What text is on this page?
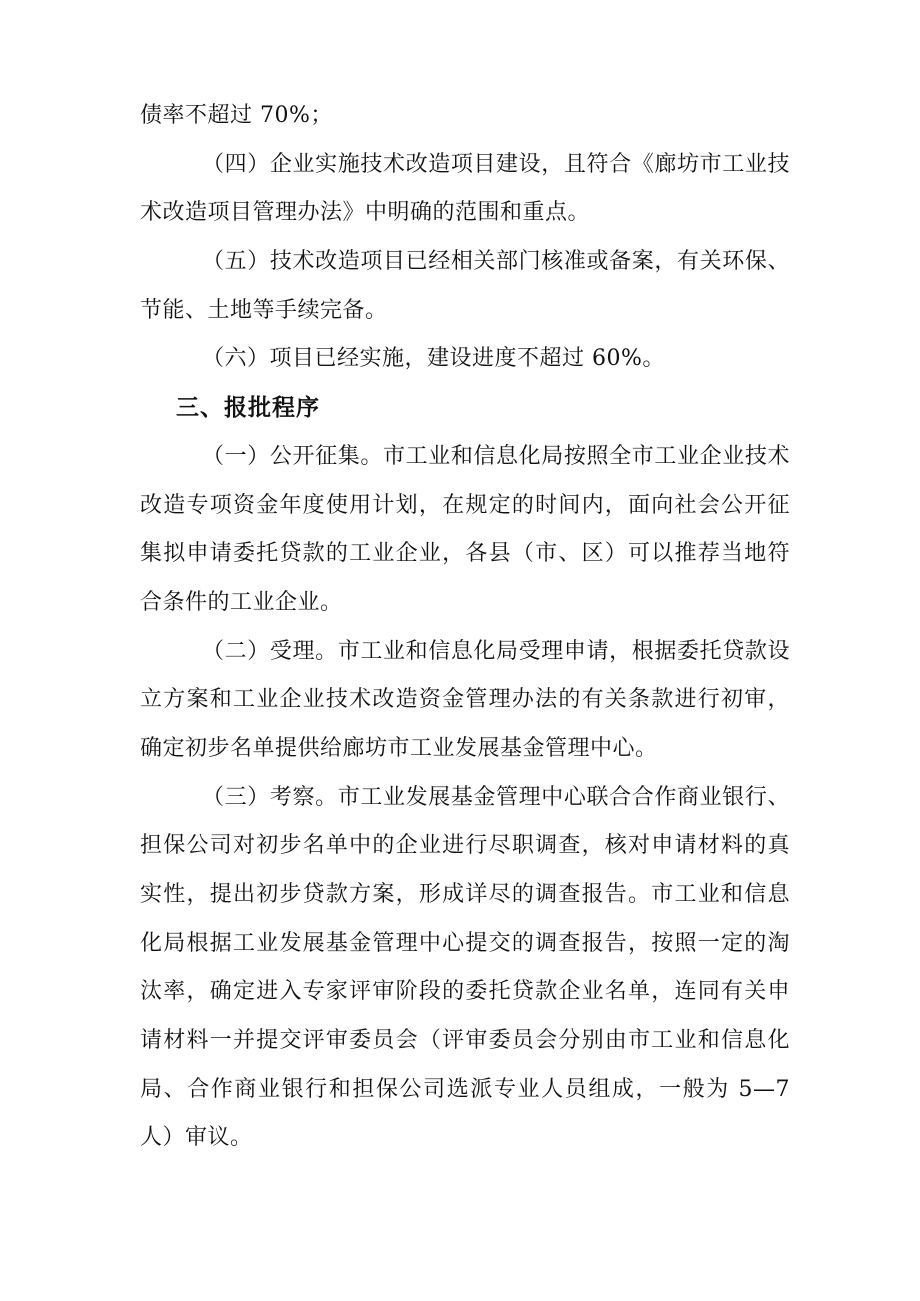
债率不超过 70%；
（四）企业实施技术改造项目建设，且符合《廊坊市工业技
术改造项目管理办法》中明确的范围和重点。
（五）技术改造项目已经相关部门核准或备案，有关环保、
节能、土地等手续完备。
（六）项目已经实施，建设进度不超过 60%。
三、报批程序
（一）公开征集。市工业和信息化局按照全市工业企业技术
改造专项资金年度使用计划，在规定的时间内，面向社会公开征
集拟申请委托贷款的工业企业，各县（市、区）可以推荐当地符
合条件的工业企业。
（二）受理。市工业和信息化局受理申请，根据委托贷款设
立方案和工业企业技术改造资金管理办法的有关条款进行初审，
确定初步名单提供给廊坊市工业发展基金管理中心。
（三）考察。市工业发展基金管理中心联合合作商业银行、
担保公司对初步名单中的企业进行尽职调查，核对申请材料的真
实性，提出初步贷款方案，形成详尽的调查报告。市工业和信息
化局根据工业发展基金管理中心提交的调查报告，按照一定的淘
汰率，确定进入专家评审阶段的委托贷款企业名单，连同有关申
请材料一并提交评审委员会（评审委员会分别由市工业和信息化
局、合作商业银行和担保公司选派专业人员组成，一般为 5—7
人）审议。
